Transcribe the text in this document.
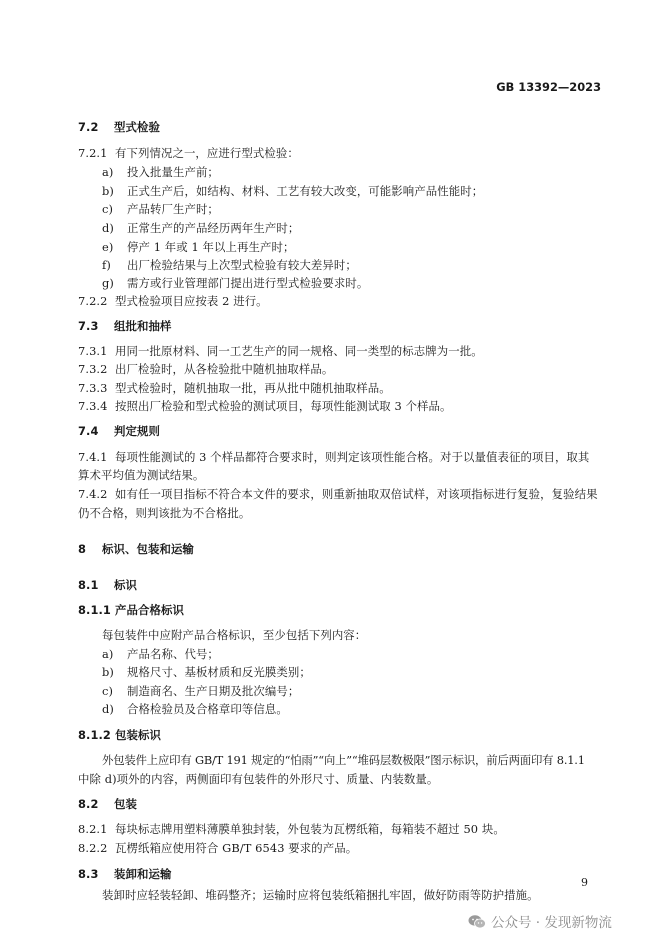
GB 13392—2023
7.2 型式检验
7.2.1 有下列情况之一，应进行型式检验：
a) 投入批量生产前；
b) 正式生产后，如结构、材料、工艺有较大改变，可能影响产品性能时；
c) 产品转厂生产时；
d) 正常生产的产品经历两年生产时；
e) 停产 1 年或 1 年以上再生产时；
f) 出厂检验结果与上次型式检验有较大差异时；
g) 需方或行业管理部门提出进行型式检验要求时。
7.2.2 型式检验项目应按表 2 进行。
7.3 组批和抽样
7.3.1 用同一批原材料、同一工艺生产的同一规格、同一类型的标志牌为一批。
7.3.2 出厂检验时，从各检验批中随机抽取样品。
7.3.3 型式检验时，随机抽取一批，再从批中随机抽取样品。
7.3.4 按照出厂检验和型式检验的测试项目，每项性能测试取 3 个样品。
7.4 判定规则
7.4.1 每项性能测试的 3 个样品都符合要求时，则判定该项性能合格。对于以量值表征的项目，取其
算术平均值为测试结果。
7.4.2 如有任一项目指标不符合本文件的要求，则重新抽取双倍试样，对该项指标进行复验，复验结果
仍不合格，则判该批为不合格批。
8 标识、包装和运输
8.1 标识
8.1.1 产品合格标识
每包装件中应附产品合格标识，至少包括下列内容：
a) 产品名称、代号；
b) 规格尺寸、基板材质和反光膜类别；
c) 制造商名、生产日期及批次编号；
d) 合格检验员及合格章印等信息。
8.1.2 包装标识
外包装件上应印有 GB/T 191 规定的“怕雨”“向上”“堆码层数极限”图示标识，前后两面印有 8.1.1
中除 d)项外的内容，两侧面印有包装件的外形尺寸、质量、内装数量。
8.2 包装
8.2.1 每块标志牌用塑料薄膜单独封装，外包装为瓦楞纸箱，每箱装不超过 50 块。
8.2.2 瓦楞纸箱应使用符合 GB/T 6543 要求的产品。
8.3 装卸和运输
装卸时应轻装轻卸、堆码整齐；运输时应将包装纸箱捆扎牢固，做好防雨等防护措施。
9
公众号 · 发现新物流
